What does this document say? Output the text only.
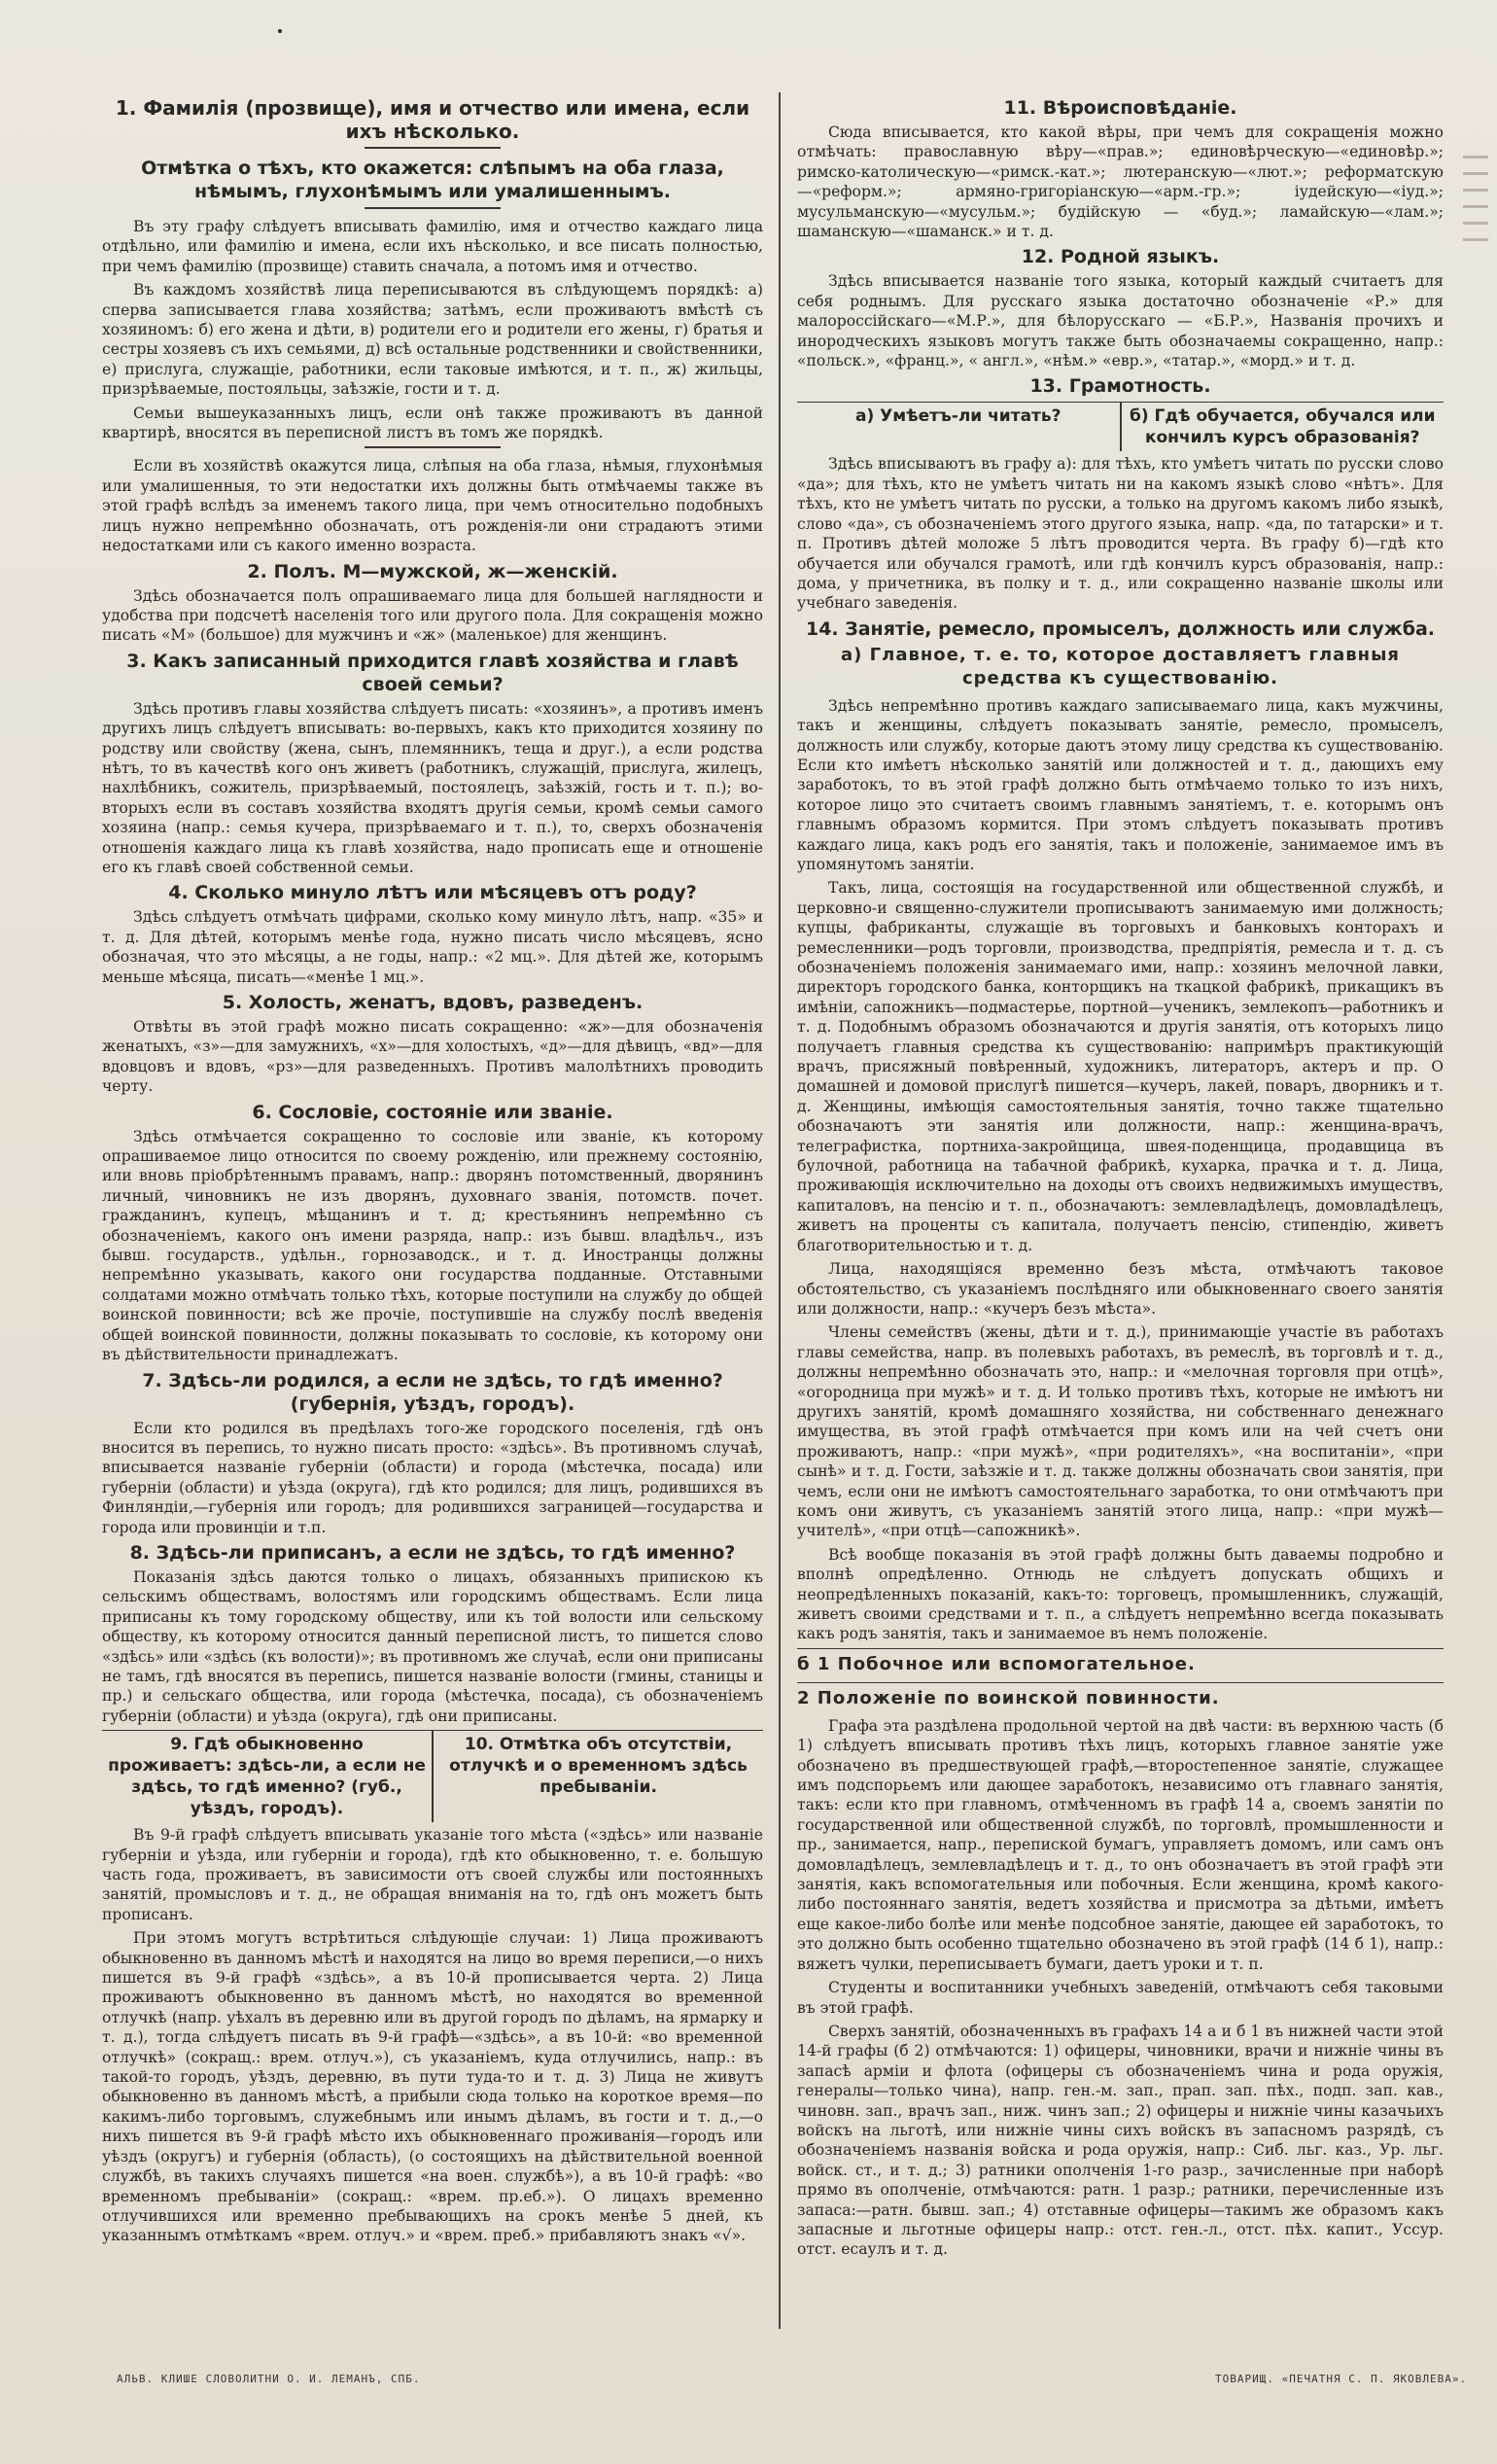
1. Фамилія (прозвище), имя и отчество или имена, если ихъ нѣсколько.
Отмѣтка о тѣхъ, кто окажется: слѣпымъ на оба глаза, нѣмымъ, глухонѣмымъ или умалишеннымъ.

Въ эту графу слѣдуетъ вписывать фамилію, имя и отчество каждаго лица отдѣльно, или фамилію и имена, если ихъ нѣсколько, и все писать полностью, при чемъ фамилію (прозвище) ставить сначала, а потомъ имя и отчество.

Въ каждомъ хозяйствѣ лица переписываются въ слѣдующемъ порядкѣ: а) сперва записывается глава хозяйства; затѣмъ, если проживаютъ вмѣстѣ съ хозяиномъ: б) его жена и дѣти, в) родители его и родители его жены, г) братья и сестры хозяевъ съ ихъ семьями, д) всѣ остальные родственники и свойственники, е) прислуга, служащіе, работники, если таковые имѣются, и т. п., ж) жильцы, призрѣваемые, постояльцы, заѣзжіе, гости и т. д.

Семьи вышеуказанныхъ лицъ, если онѣ также проживаютъ въ данной квартирѣ, вносятся въ переписной листъ въ томъ же порядкѣ.

Если въ хозяйствѣ окажутся лица, слѣпыя на оба глаза, нѣмыя, глухонѣмыя или умалишенныя, то эти недостатки ихъ должны быть отмѣчаемы также въ этой графѣ вслѣдъ за именемъ такого лица, при чемъ относительно подобныхъ лицъ нужно непремѣнно обозначать, отъ рожденія-ли они страдаютъ этими недостатками или съ какого именно возраста.

2. Полъ. М—мужской, ж—женскій.

Здѣсь обозначается полъ опрашиваемаго лица для большей наглядности и удобства при подсчетѣ населенія того или другого пола. Для сокращенія можно писать «М» (большое) для мужчинъ и «ж» (маленькое) для женщинъ.

3. Какъ записанный приходится главѣ хозяйства и главѣ своей семьи?

Здѣсь противъ главы хозяйства слѣдуетъ писать: «хозяинъ», а противъ именъ другихъ лицъ слѣдуетъ вписывать: во-первыхъ, какъ кто приходится хозяину по родству или свойству (жена, сынъ, племянникъ, теща и друг.), а если родства нѣтъ, то въ качествѣ кого онъ живетъ (работникъ, служащій, прислуга, жилецъ, нахлѣбникъ, сожитель, призрѣваемый, постоялецъ, заѣзжій, гость и т. п.); во-вторыхъ если въ составъ хозяйства входятъ другія семьи, кромѣ семьи самого хозяина (напр.: семья кучера, призрѣваемаго и т. п.), то, сверхъ обозначенія отношенія каждаго лица къ главѣ хозяйства, надо прописать еще и отношеніе его къ главѣ своей собственной семьи.

4. Сколько минуло лѣтъ или мѣсяцевъ отъ роду?

Здѣсь слѣдуетъ отмѣчать цифрами, сколько кому минуло лѣтъ, напр. «35» и т. д. Для дѣтей, которымъ менѣе года, нужно писать число мѣсяцевъ, ясно обозначая, что это мѣсяцы, а не годы, напр.: «2 мц.». Для дѣтей же, которымъ меньше мѣсяца, писать—«менѣе 1 мц.».

5. Холость, женатъ, вдовъ, разведенъ.

Отвѣты въ этой графѣ можно писать сокращенно: «ж»—для обозначенія женатыхъ, «з»—для замужнихъ, «х»—для холостыхъ, «д»—для дѣвицъ, «вд»—для вдовцовъ и вдовъ, «рз»—для разведенныхъ. Противъ малолѣтнихъ проводить черту.

6. Сословіе, состояніе или званіе.

Здѣсь отмѣчается сокращенно то сословіе или званіе, къ которому опрашиваемое лицо относится по своему рожденію, или прежнему состоянію, или вновь пріобрѣтеннымъ правамъ, напр.: дворянъ потомственный, дворянинъ личный, чиновникъ не изъ дворянъ, духовнаго званія, потомств. почет. гражданинъ, купецъ, мѣщанинъ и т. д; крестьянинъ непремѣнно съ обозначеніемъ, какого онъ имени разряда, напр.: изъ бывш. владѣльч., изъ бывш. государств., удѣльн., горнозаводск., и т. д. Иностранцы должны непремѣнно указывать, какого они государства подданные. Отставными солдатами можно отмѣчать только тѣхъ, которые поступили на службу до общей воинской повинности; всѣ же прочіе, поступившіе на службу послѣ введенія общей воинской повинности, должны показывать то сословіе, къ которому они въ дѣйствительности принадлежатъ.

7. Здѣсь-ли родился, а если не здѣсь, то гдѣ именно? (губернія, уѣздъ, городъ).

Если кто родился въ предѣлахъ того-же городского поселенія, гдѣ онъ вносится въ перепись, то нужно писать просто: «здѣсь». Въ противномъ случаѣ, вписывается названіе губерніи (области) и города (мѣстечка, посада) или губерніи (области) и уѣзда (округа), гдѣ кто родился; для лицъ, родившихся въ Финляндіи,—губернія или городъ; для родившихся заграницей—государства и города или провинціи и т.п.

8. Здѣсь-ли приписанъ, а если не здѣсь, то гдѣ именно?

Показанія здѣсь даются только о лицахъ, обязанныхъ припискою къ сельскимъ обществамъ, волостямъ или городскимъ обществамъ. Если лица приписаны къ тому городскому обществу, или къ той волости или сельскому обществу, къ которому относится данный переписной листъ, то пишется слово «здѣсь» или «здѣсь (къ волости)»; въ противномъ же случаѣ, если они приписаны не тамъ, гдѣ вносятся въ перепись, пишется названіе волости (гмины, станицы и пр.) и сельскаго общества, или города (мѣстечка, посада), съ обозначеніемъ губерніи (области) и уѣзда (округа), гдѣ они приписаны.

9. Гдѣ обыкновенно проживаетъ: здѣсь-ли, а если не здѣсь, то гдѣ именно? (губ., уѣздъ, городъ).
10. Отмѣтка объ отсутствіи, отлучкѣ и о временномъ здѣсь пребываніи.

Въ 9-й графѣ слѣдуетъ вписывать указаніе того мѣста («здѣсь» или названіе губерніи и уѣзда, или губерніи и города), гдѣ кто обыкновенно, т. е. большую часть года, проживаетъ, въ зависимости отъ своей службы или постоянныхъ занятій, промысловъ и т. д., не обращая вниманія на то, гдѣ онъ можетъ быть прописанъ.

При этомъ могутъ встрѣтиться слѣдующіе случаи: 1) Лица проживаютъ обыкновенно въ данномъ мѣстѣ и находятся на лицо во время переписи,—о нихъ пишется въ 9-й графѣ «здѣсь», а въ 10-й прописывается черта. 2) Лица проживаютъ обыкновенно въ данномъ мѣстѣ, но находятся во временной отлучкѣ (напр. уѣхалъ въ деревню или въ другой городъ по дѣламъ, на ярмарку и т. д.), тогда слѣдуетъ писать въ 9-й графѣ—«здѣсь», а въ 10-й: «во временной отлучкѣ» (сокращ.: врем. отлуч.»), съ указаніемъ, куда отлучились, напр.: въ такой-то городъ, уѣздъ, деревню, въ пути туда-то и т. д. 3) Лица не живутъ обыкновенно въ данномъ мѣстѣ, а прибыли сюда только на короткое время—по какимъ-либо торговымъ, служебнымъ или инымъ дѣламъ, въ гости и т. д.,—о нихъ пишется въ 9-й графѣ мѣсто ихъ обыкновеннаго проживанія—городъ или уѣздъ (округъ) и губернія (область), (о состоящихъ на дѣйствительной военной службѣ, въ такихъ случаяхъ пишется «на воен. службѣ»), а въ 10-й графѣ: «во временномъ пребываніи» (сокращ.: «врем. пр.еб.»). О лицахъ временно отлучившихся или временно пребывающихъ на срокъ менѣе 5 дней, къ указаннымъ отмѣткамъ «врем. отлуч.» и «врем. преб.» прибавляютъ знакъ «√».

11. Вѣроисповѣданіе.

Сюда вписывается, кто какой вѣры, при чемъ для сокращенія можно отмѣчать: православную вѣру—«прав.»; единовѣрческую—«единовѣр.»; римско-католическую—«римск.-кат.»; лютеранскую—«лют.»; реформатскую—«реформ.»; армяно-григоріанскую—«арм.-гр.»; іудейскую—«іуд.»; мусульманскую—«мусульм.»; будійскую — «буд.»; ламайскую—«лам.»; шаманскую—«шаманск.» и т. д.

12. Родной языкъ.

Здѣсь вписывается названіе того языка, который каждый считаетъ для себя роднымъ. Для русскаго языка достаточно обозначеніе «Р.» для малороссійскаго—«М.Р.», для бѣлорусскаго — «Б.Р.», Названія прочихъ и инородческихъ языковъ могутъ также быть обозначаемы сокращенно, напр.: «польск.», «франц.», « англ.», «нѣм.» «евр.», «татар.», «морд.» и т. д.

13. Грамотность.
а) Умѣетъ-ли читать?	б) Гдѣ обучается, обучался или кончилъ курсъ образованія?

Здѣсь вписываютъ въ графу а): для тѣхъ, кто умѣетъ читать по русски слово «да»; для тѣхъ, кто не умѣетъ читать ни на какомъ языкѣ слово «нѣтъ». Для тѣхъ, кто не умѣетъ читать по русски, а только на другомъ какомъ либо языкѣ, слово «да», съ обозначеніемъ этого другого языка, напр. «да, по татарски» и т. п. Противъ дѣтей моложе 5 лѣтъ проводится черта. Въ графу б)—гдѣ кто обучается или обучался грамотѣ, или гдѣ кончилъ курсъ образованія, напр.: дома, у причетника, въ полку и т. д., или сокращенно названіе школы или учебнаго заведенія.

14. Занятіе, ремесло, промыселъ, должность или служба.
а) Главное, т. е. то, которое доставляетъ главныя средства къ существованію.

Здѣсь непремѣнно противъ каждаго записываемаго лица, какъ мужчины, такъ и женщины, слѣдуетъ показывать занятіе, ремесло, промыселъ, должность или службу, которые даютъ этому лицу средства къ существованію. Если кто имѣетъ нѣсколько занятій или должностей и т. д., дающихъ ему заработокъ, то въ этой графѣ должно быть отмѣчаемо только то изъ нихъ, которое лицо это считаетъ своимъ главнымъ занятіемъ, т. е. которымъ онъ главнымъ образомъ кормится. При этомъ слѣдуетъ показывать противъ каждаго лица, какъ родъ его занятія, такъ и положеніе, занимаемое имъ въ упомянутомъ занятіи.

Такъ, лица, состоящія на государственной или общественной службѣ, и церковно-и священно-служители прописываютъ занимаемую ими должность; купцы, фабриканты, служащіе въ торговыхъ и банковыхъ конторахъ и ремесленники—родъ торговли, производства, предпріятія, ремесла и т. д. съ обозначеніемъ положенія занимаемаго ими, напр.: хозяинъ мелочной лавки, директоръ городского банка, конторщикъ на ткацкой фабрикѣ, прикащикъ въ имѣніи, сапожникъ—подмастерье, портной—ученикъ, землекопъ—работникъ и т. д. Подобнымъ образомъ обозначаются и другія занятія, отъ которыхъ лицо получаетъ главныя средства къ существованію: напримѣръ практикующій врачъ, присяжный повѣренный, художникъ, литераторъ, актеръ и пр. О домашней и домовой прислугѣ пишется—кучеръ, лакей, поваръ, дворникъ и т. д. Женщины, имѣющія самостоятельныя занятія, точно также тщательно обозначаютъ эти занятія или должности, напр.: женщина-врачъ, телеграфистка, портниха-закройщица, швея-поденщица, продавщица въ булочной, работница на табачной фабрикѣ, кухарка, прачка и т. д. Лица, проживающія исключительно на доходы отъ своихъ недвижимыхъ имуществъ, капиталовъ, на пенсію и т. п., обозначаютъ: землевладѣлецъ, домовладѣлецъ, живетъ на проценты съ капитала, получаетъ пенсію, стипендію, живетъ благотворительностью и т. д.

Лица, находящіяся временно безъ мѣста, отмѣчаютъ таковое обстоятельство, съ указаніемъ послѣдняго или обыкновеннаго своего занятія или должности, напр.: «кучеръ безъ мѣста».

Члены семействъ (жены, дѣти и т. д.), принимающіе участіе въ работахъ главы семейства, напр. въ полевыхъ работахъ, въ ремеслѣ, въ торговлѣ и т. д., должны непремѣнно обозначать это, напр.: и «мелочная торговля при отцѣ», «огородница при мужѣ» и т. д. И только противъ тѣхъ, которые не имѣютъ ни другихъ занятій, кромѣ домашняго хозяйства, ни собственнаго денежнаго имущества, въ этой графѣ отмѣчается при комъ или на чей счетъ они проживаютъ, напр.: «при мужѣ», «при родителяхъ», «на воспитаніи», «при сынѣ» и т. д. Гости, заѣзжіе и т. д. также должны обозначать свои занятія, при чемъ, если они не имѣютъ самостоятельнаго заработка, то они отмѣчаютъ при комъ они живутъ, съ указаніемъ занятій этого лица, напр.: «при мужѣ—учителѣ», «при отцѣ—сапожникѣ».

Всѣ вообще показанія въ этой графѣ должны быть даваемы подробно и вполнѣ опредѣленно. Отнюдь не слѣдуетъ допускать общихъ и неопредѣленныхъ показаній, какъ-то: торговецъ, промышленникъ, служащій, живетъ своими средствами и т. п., а слѣдуетъ непремѣнно всегда показывать какъ родъ занятія, такъ и занимаемое въ немъ положеніе.

б 1 Побочное или вспомогательное.
2 Положеніе по воинской повинности.

Графа эта раздѣлена продольной чертой на двѣ части: въ верхнюю часть (б 1) слѣдуетъ вписывать противъ тѣхъ лицъ, которыхъ главное занятіе уже обозначено въ предшествующей графѣ,—второстепенное занятіе, служащее имъ подспорьемъ или дающее заработокъ, независимо отъ главнаго занятія, такъ: если кто при главномъ, отмѣченномъ въ графѣ 14 а, своемъ занятіи по государственной или общественной службѣ, по торговлѣ, промышленности и пр., занимается, напр., перепиской бумагъ, управляетъ домомъ, или самъ онъ домовладѣлецъ, землевладѣлецъ и т. д., то онъ обозначаетъ въ этой графѣ эти занятія, какъ вспомогательныя или побочныя. Если женщина, кромѣ какого-либо постояннаго занятія, ведетъ хозяйства и присмотра за дѣтьми, имѣетъ еще какое-либо болѣе или менѣе подсобное занятіе, дающее ей заработокъ, то это должно быть особенно тщательно обозначено въ этой графѣ (14 б 1), напр.: вяжетъ чулки, переписываетъ бумаги, даетъ уроки и т. п.

Студенты и воспитанники учебныхъ заведеній, отмѣчаютъ себя таковыми въ этой графѣ.

Сверхъ занятій, обозначенныхъ въ графахъ 14 а и б 1 въ нижней части этой 14-й графы (б 2) отмѣчаются: 1) офицеры, чиновники, врачи и нижніе чины въ запасѣ арміи и флота (офицеры съ обозначеніемъ чина и рода оружія, генералы—только чина), напр. ген.-м. зап., прап. зап. пѣх., подп. зап. кав., чиновн. зап., врачъ зап., ниж. чинъ зап.; 2) офицеры и нижніе чины казачьихъ войскъ на льготѣ, или нижніе чины сихъ войскъ въ запасномъ разрядѣ, съ обозначеніемъ названія войска и рода оружія, напр.: Сиб. льг. каз., Ур. льг. войск. ст., и т. д.; 3) ратники ополченія 1-го разр., зачисленные при наборѣ прямо въ ополченіе, отмѣчаются: ратн. 1 разр.; ратники, перечисленные изъ запаса:—ратн. бывш. зап.; 4) отставные офицеры—такимъ же образомъ какъ запасные и льготные офицеры напр.: отст. ген.-л., отст. пѣх. капит., Уссур. отст. есаулъ и т. д.

АЛЬВ. КЛИШЕ СЛОВОЛИТНИ О. И. ЛЕМАНЪ, СПБ.	ТОВАРИЩ. «ПЕЧАТНЯ С. П. ЯКОВЛЕВА».
